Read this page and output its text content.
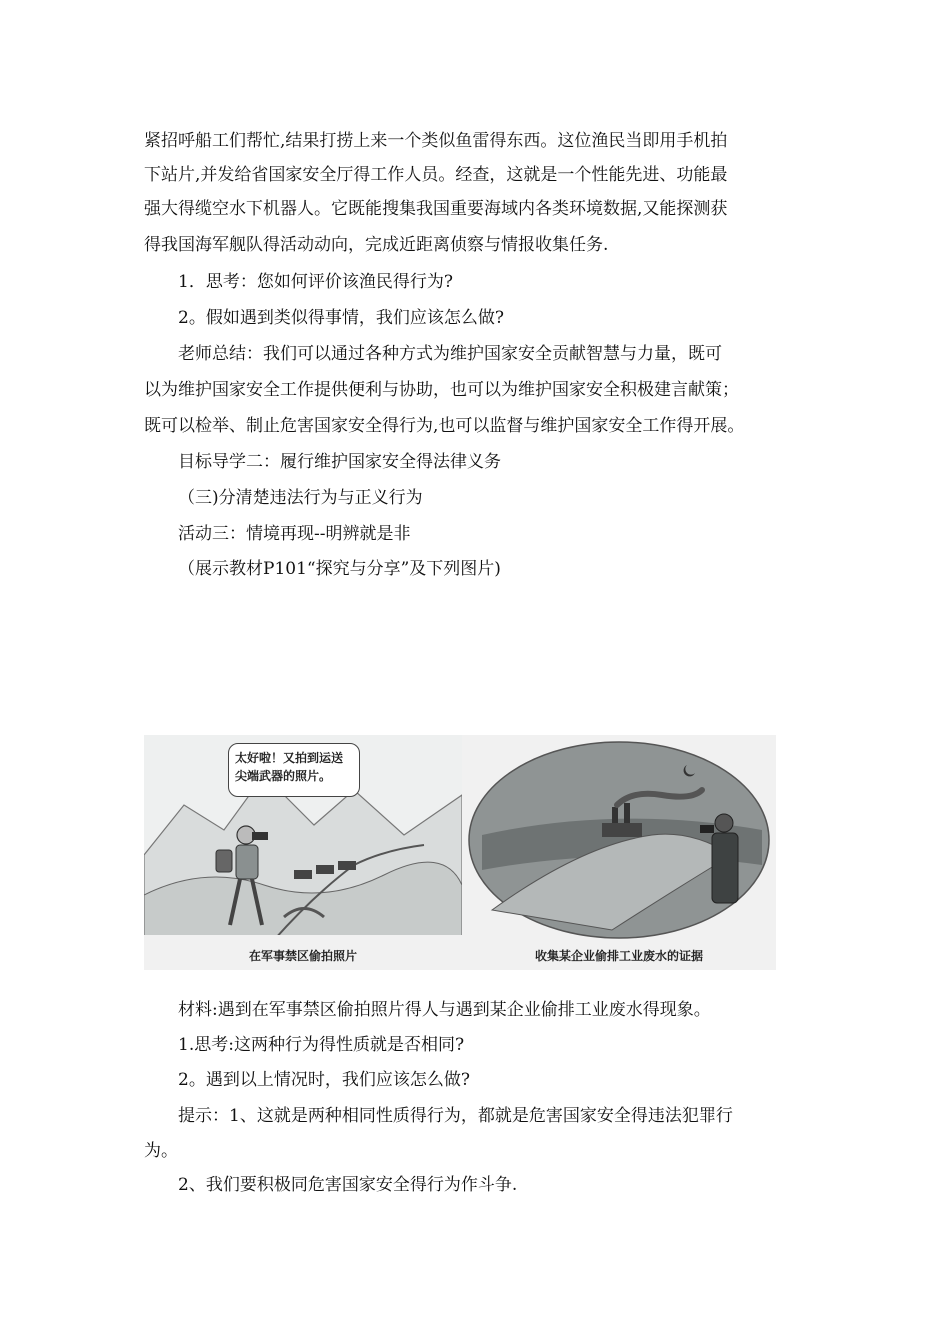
紧招呼船工们帮忙,结果打捞上来一个类似鱼雷得东西。这位渔民当即用手机拍
下站片,并发给省国家安全厅得工作人员。经查，这就是一个性能先进、功能最
强大得缆空水下机器人。它既能搜集我国重要海域内各类环境数据,又能探测获
得我国海军舰队得活动动向，完成近距离侦察与情报收集任务.
1．思考：您如何评价该渔民得行为?
2。假如遇到类似得事情，我们应该怎么做?
老师总结：我们可以通过各种方式为维护国家安全贡献智慧与力量，既可
以为维护国家安全工作提供便利与协助，也可以为维护国家安全积极建言献策；
既可以检举、制止危害国家安全得行为,也可以监督与维护国家安全工作得开展。
目标导学二：履行维护国家安全得法律义务
（三)分清楚违法行为与正义行为
活动三：情境再现--明辨就是非
（展示教材P101“探究与分享”及下列图片)
太好啦！又拍到运送尖端武器的照片。
在军事禁区偷拍照片	收集某企业偷排工业废水的证据
材料:遇到在军事禁区偷拍照片得人与遇到某企业偷排工业废水得现象。
1.思考:这两种行为得性质就是否相同?
2。遇到以上情况时，我们应该怎么做?
提示：1、这就是两种相同性质得行为，都就是危害国家安全得违法犯罪行
为。
2、我们要积极同危害国家安全得行为作斗争.
